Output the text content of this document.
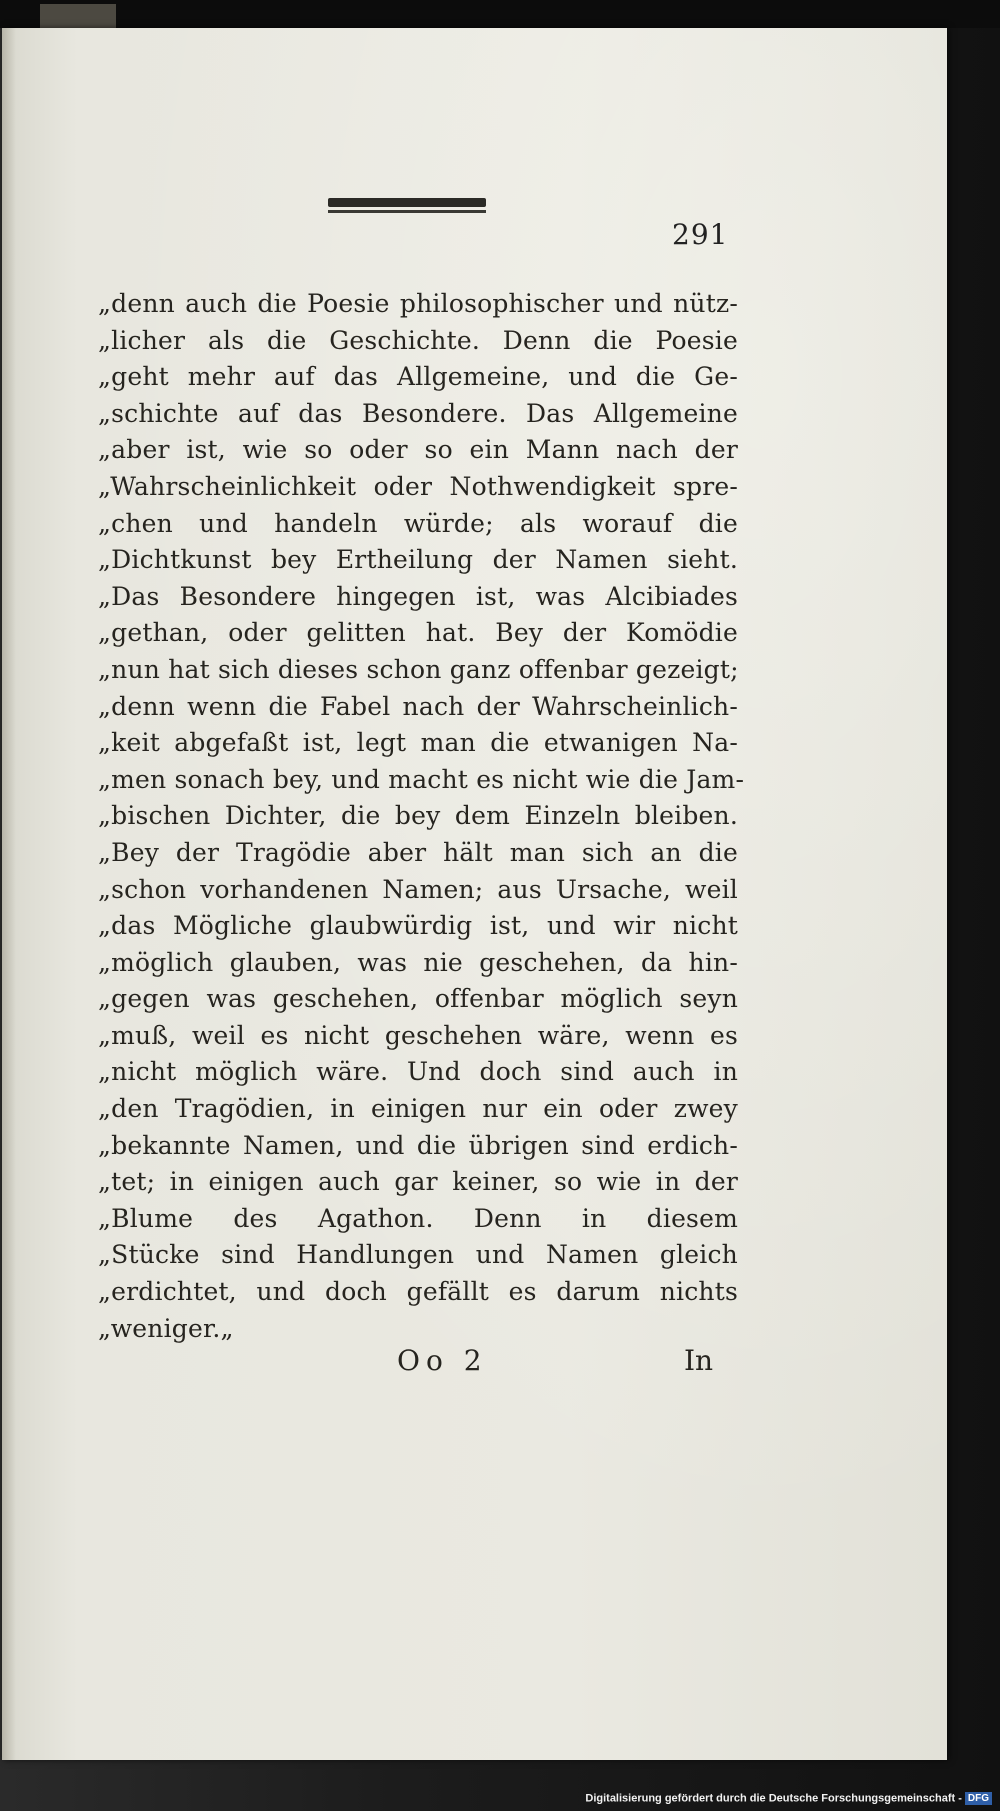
291
„denn auch die Poesie philosophischer und nütz-
„licher als die Geschichte. Denn die Poesie
„geht mehr auf das Allgemeine, und die Ge-
„schichte auf das Besondere. Das Allgemeine
„aber ist, wie so oder so ein Mann nach der
„Wahrscheinlichkeit oder Nothwendigkeit spre-
„chen und handeln würde; als worauf die
„Dichtkunst bey Ertheilung der Namen sieht.
„Das Besondere hingegen ist, was Alcibiades
„gethan, oder gelitten hat. Bey der Komödie
„nun hat sich dieses schon ganz offenbar gezeigt;
„denn wenn die Fabel nach der Wahrscheinlich-
„keit abgefaßt ist, legt man die etwanigen Na-
„men sonach bey, und macht es nicht wie die Jam-
„bischen Dichter, die bey dem Einzeln bleiben.
„Bey der Tragödie aber hält man sich an die
„schon vorhandenen Namen; aus Ursache, weil
„das Mögliche glaubwürdig ist, und wir nicht
„möglich glauben, was nie geschehen, da hin-
„gegen was geschehen, offenbar möglich seyn
„muß, weil es nicht geschehen wäre, wenn es
„nicht möglich wäre. Und doch sind auch in
„den Tragödien, in einigen nur ein oder zwey
„bekannte Namen, und die übrigen sind erdich-
„tet; in einigen auch gar keiner, so wie in der
„Blume des Agathon. Denn in diesem
„Stücke sind Handlungen und Namen gleich
„erdichtet, und doch gefällt es darum nichts
„weniger.„
Oo 2	In
Digitalisierung gefördert durch die Deutsche Forschungsgemeinschaft - DFG
